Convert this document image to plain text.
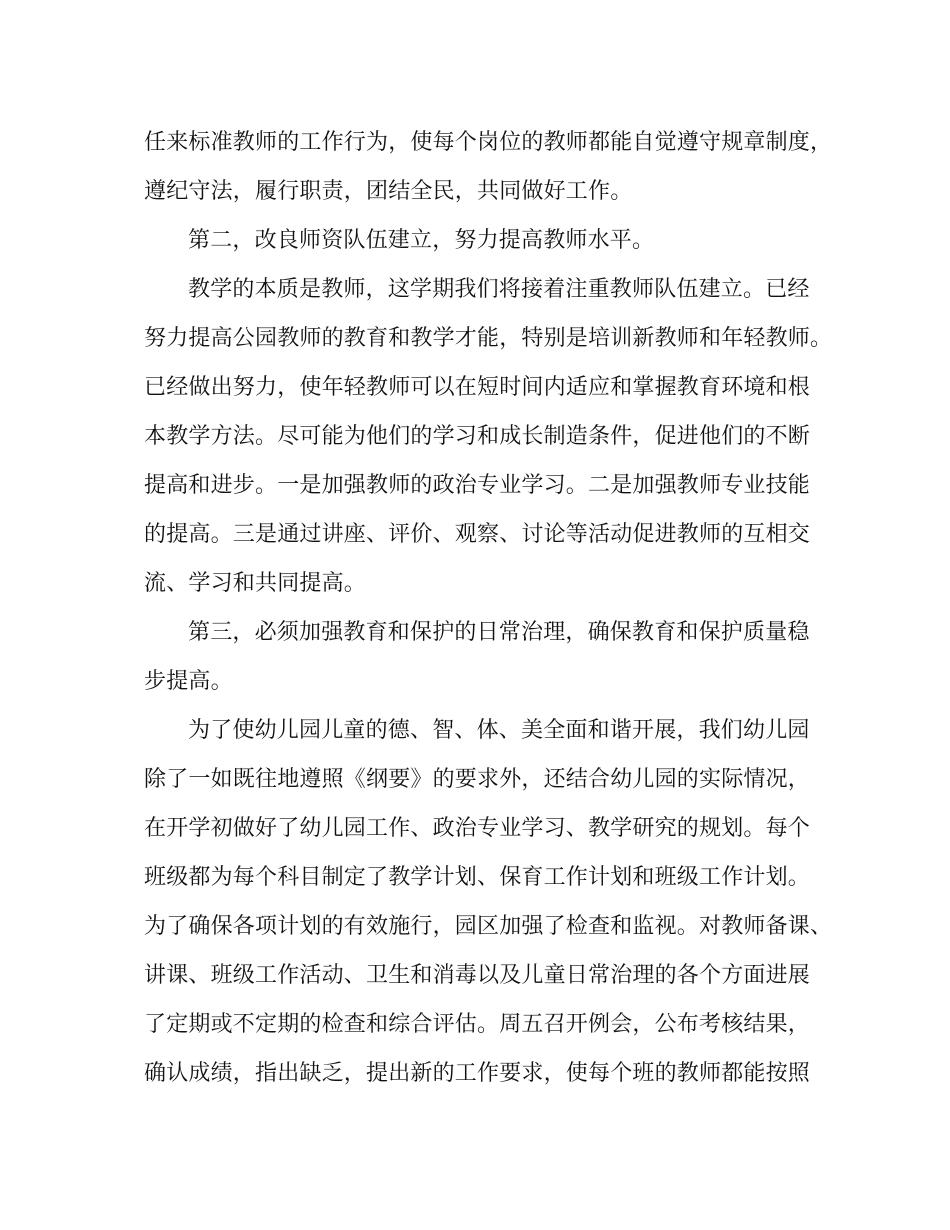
任来标准教师的工作行为，使每个岗位的教师都能自觉遵守规章制度，
遵纪守法，履行职责，团结全民，共同做好工作。
第二，改良师资队伍建立，努力提高教师水平。
教学的本质是教师，这学期我们将接着注重教师队伍建立。已经
努力提高公园教师的教育和教学才能，特别是培训新教师和年轻教师。
已经做出努力，使年轻教师可以在短时间内适应和掌握教育环境和根
本教学方法。尽可能为他们的学习和成长制造条件，促进他们的不断
提高和进步。一是加强教师的政治专业学习。二是加强教师专业技能
的提高。三是通过讲座、评价、观察、讨论等活动促进教师的互相交
流、学习和共同提高。
第三，必须加强教育和保护的日常治理，确保教育和保护质量稳
步提高。
为了使幼儿园儿童的德、智、体、美全面和谐开展，我们幼儿园
除了一如既往地遵照《纲要》的要求外，还结合幼儿园的实际情况，
在开学初做好了幼儿园工作、政治专业学习、教学研究的规划。每个
班级都为每个科目制定了教学计划、保育工作计划和班级工作计划。
为了确保各项计划的有效施行，园区加强了检查和监视。对教师备课、
讲课、班级工作活动、卫生和消毒以及儿童日常治理的各个方面进展
了定期或不定期的检查和综合评估。周五召开例会，公布考核结果，
确认成绩，指出缺乏，提出新的工作要求，使每个班的教师都能按照
